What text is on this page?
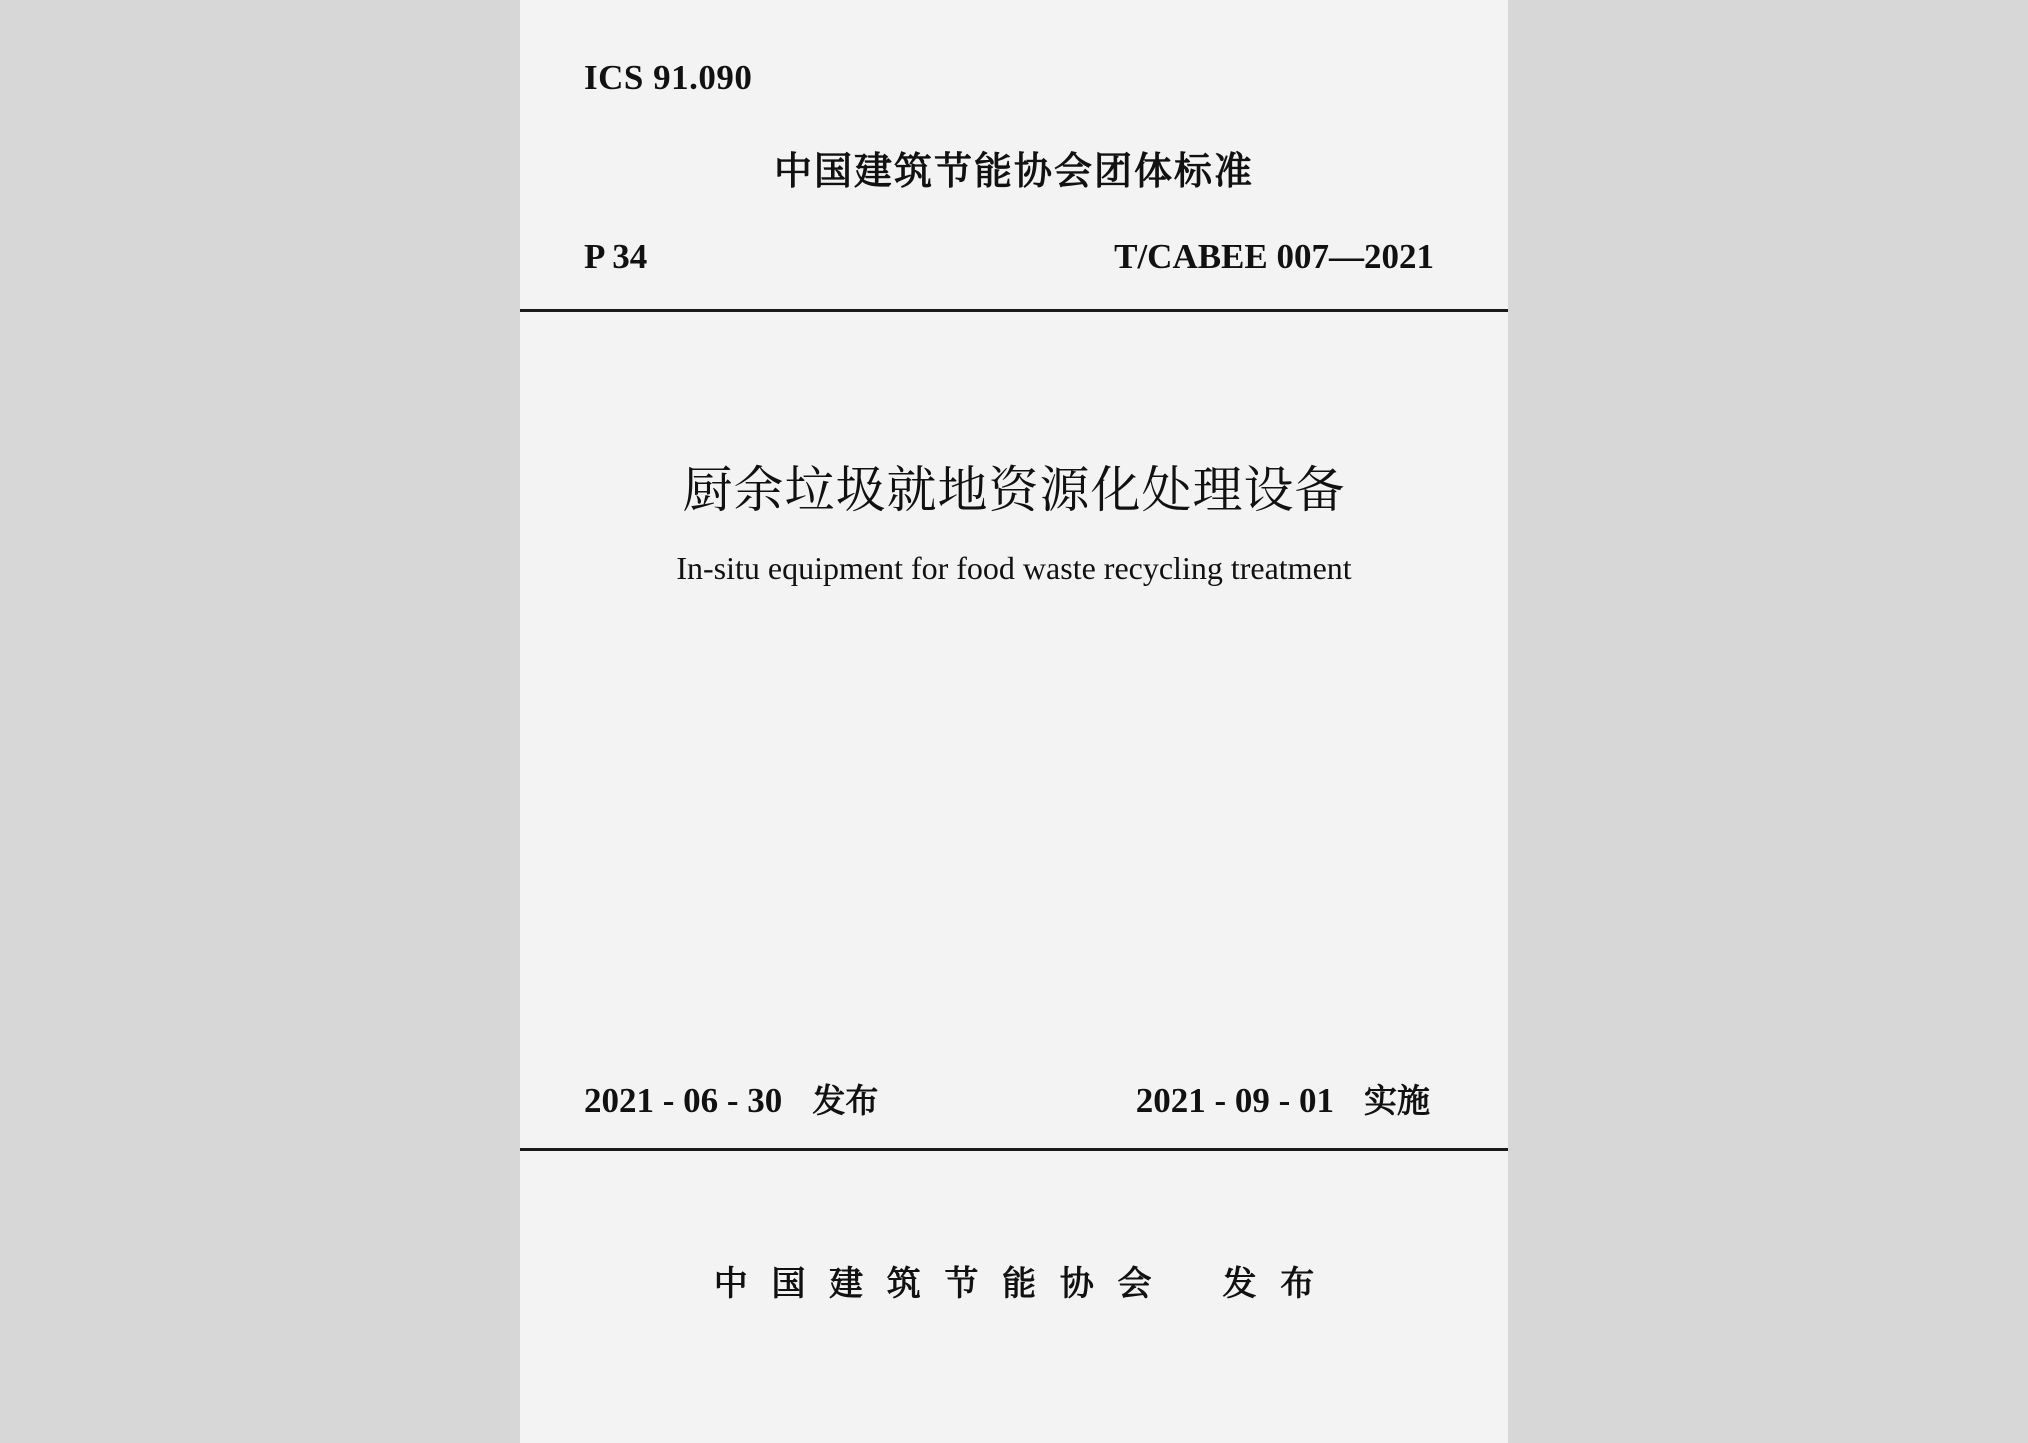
ICS 91.090
中国建筑节能协会团体标准
P 34	T/CABEE 007—2021
厨余垃圾就地资源化处理设备
In-situ equipment for food waste recycling treatment
2021 - 06 - 30 发布	2021 - 09 - 01 实施
中  国  建  筑  节  能  协  会      发  布
